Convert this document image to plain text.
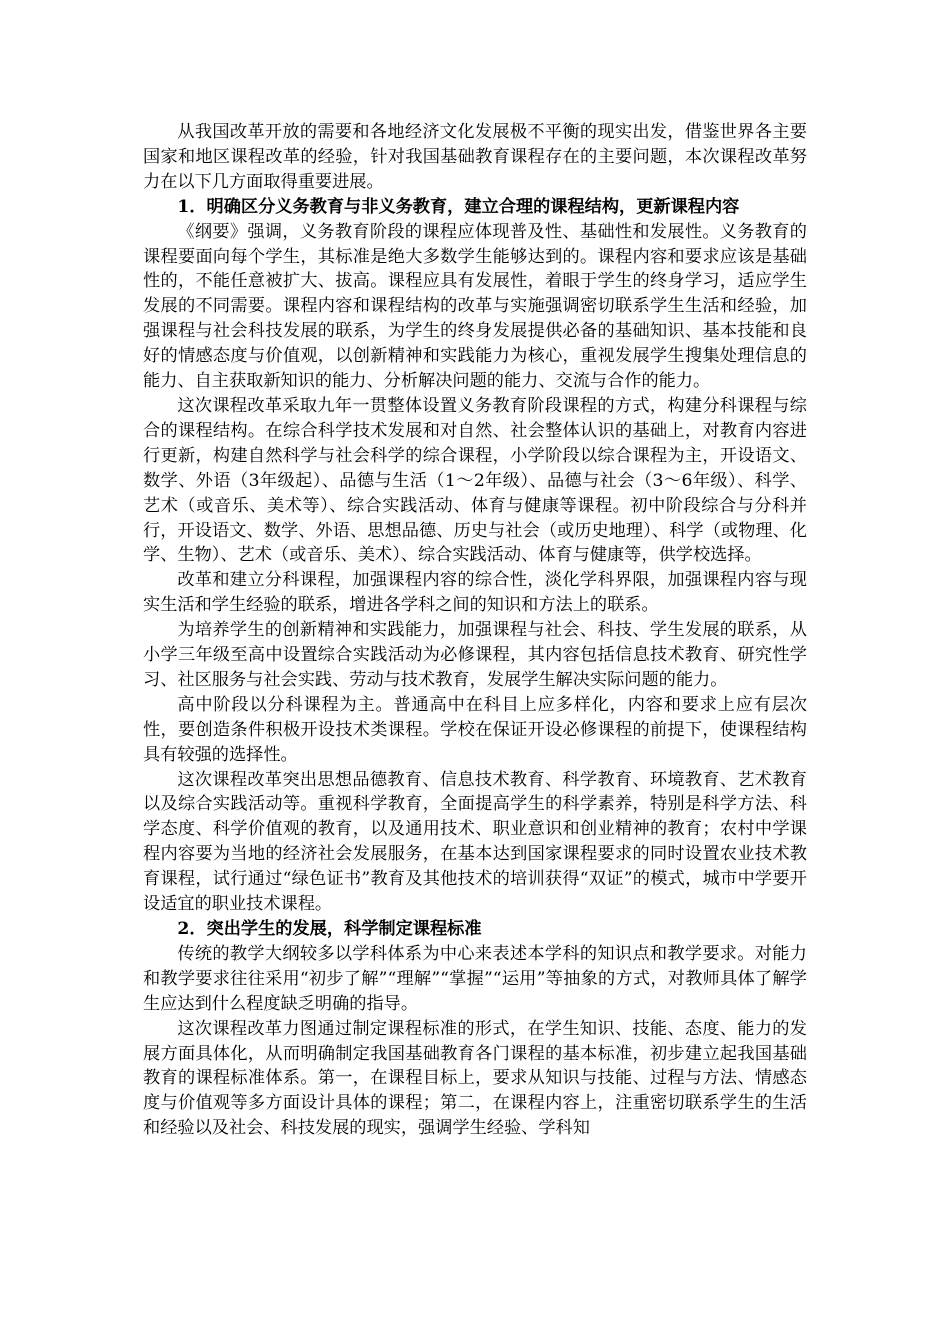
从我国改革开放的需要和各地经济文化发展极不平衡的现实出发，借鉴世界各主要国家和地区课程改革的经验，针对我国基础教育课程存在的主要问题，本次课程改革努力在以下几方面取得重要进展。

1．明确区分义务教育与非义务教育，建立合理的课程结构，更新课程内容

《纲要》强调，义务教育阶段的课程应体现普及性、基础性和发展性。义务教育的课程要面向每个学生，其标准是绝大多数学生能够达到的。课程内容和要求应该是基础性的，不能任意被扩大、拔高。课程应具有发展性，着眼于学生的终身学习，适应学生发展的不同需要。课程内容和课程结构的改革与实施强调密切联系学生生活和经验，加强课程与社会科技发展的联系，为学生的终身发展提供必备的基础知识、基本技能和良好的情感态度与价值观，以创新精神和实践能力为核心，重视发展学生搜集处理信息的能力、自主获取新知识的能力、分析解决问题的能力、交流与合作的能力。

这次课程改革采取九年一贯整体设置义务教育阶段课程的方式，构建分科课程与综合的课程结构。在综合科学技术发展和对自然、社会整体认识的基础上，对教育内容进行更新，构建自然科学与社会科学的综合课程，小学阶段以综合课程为主，开设语文、数学、外语（3年级起）、品德与生活（1～2年级）、品德与社会（3～6年级）、科学、艺术（或音乐、美术等）、综合实践活动、体育与健康等课程。初中阶段综合与分科并行，开设语文、数学、外语、思想品德、历史与社会（或历史地理）、科学（或物理、化学、生物）、艺术（或音乐、美术）、综合实践活动、体育与健康等，供学校选择。

改革和建立分科课程，加强课程内容的综合性，淡化学科界限，加强课程内容与现实生活和学生经验的联系，增进各学科之间的知识和方法上的联系。

为培养学生的创新精神和实践能力，加强课程与社会、科技、学生发展的联系，从小学三年级至高中设置综合实践活动为必修课程，其内容包括信息技术教育、研究性学习、社区服务与社会实践、劳动与技术教育，发展学生解决实际问题的能力。

高中阶段以分科课程为主。普通高中在科目上应多样化，内容和要求上应有层次性，要创造条件积极开设技术类课程。学校在保证开设必修课程的前提下，使课程结构具有较强的选择性。

这次课程改革突出思想品德教育、信息技术教育、科学教育、环境教育、艺术教育以及综合实践活动等。重视科学教育，全面提高学生的科学素养，特别是科学方法、科学态度、科学价值观的教育，以及通用技术、职业意识和创业精神的教育；农村中学课程内容要为当地的经济社会发展服务，在基本达到国家课程要求的同时设置农业技术教育课程，试行通过“绿色证书”教育及其他技术的培训获得“双证”的模式，城市中学要开设适宜的职业技术课程。

2．突出学生的发展，科学制定课程标准

传统的教学大纲较多以学科体系为中心来表述本学科的知识点和教学要求。对能力和教学要求往往采用“初步了解”“理解”“掌握”“运用”等抽象的方式，对教师具体了解学生应达到什么程度缺乏明确的指导。

这次课程改革力图通过制定课程标准的形式，在学生知识、技能、态度、能力的发展方面具体化，从而明确制定我国基础教育各门课程的基本标准，初步建立起我国基础教育的课程标准体系。第一，在课程目标上，要求从知识与技能、过程与方法、情感态度与价值观等多方面设计具体的课程；第二，在课程内容上，注重密切联系学生的生活和经验以及社会、科技发展的现实，强调学生经验、学科知
